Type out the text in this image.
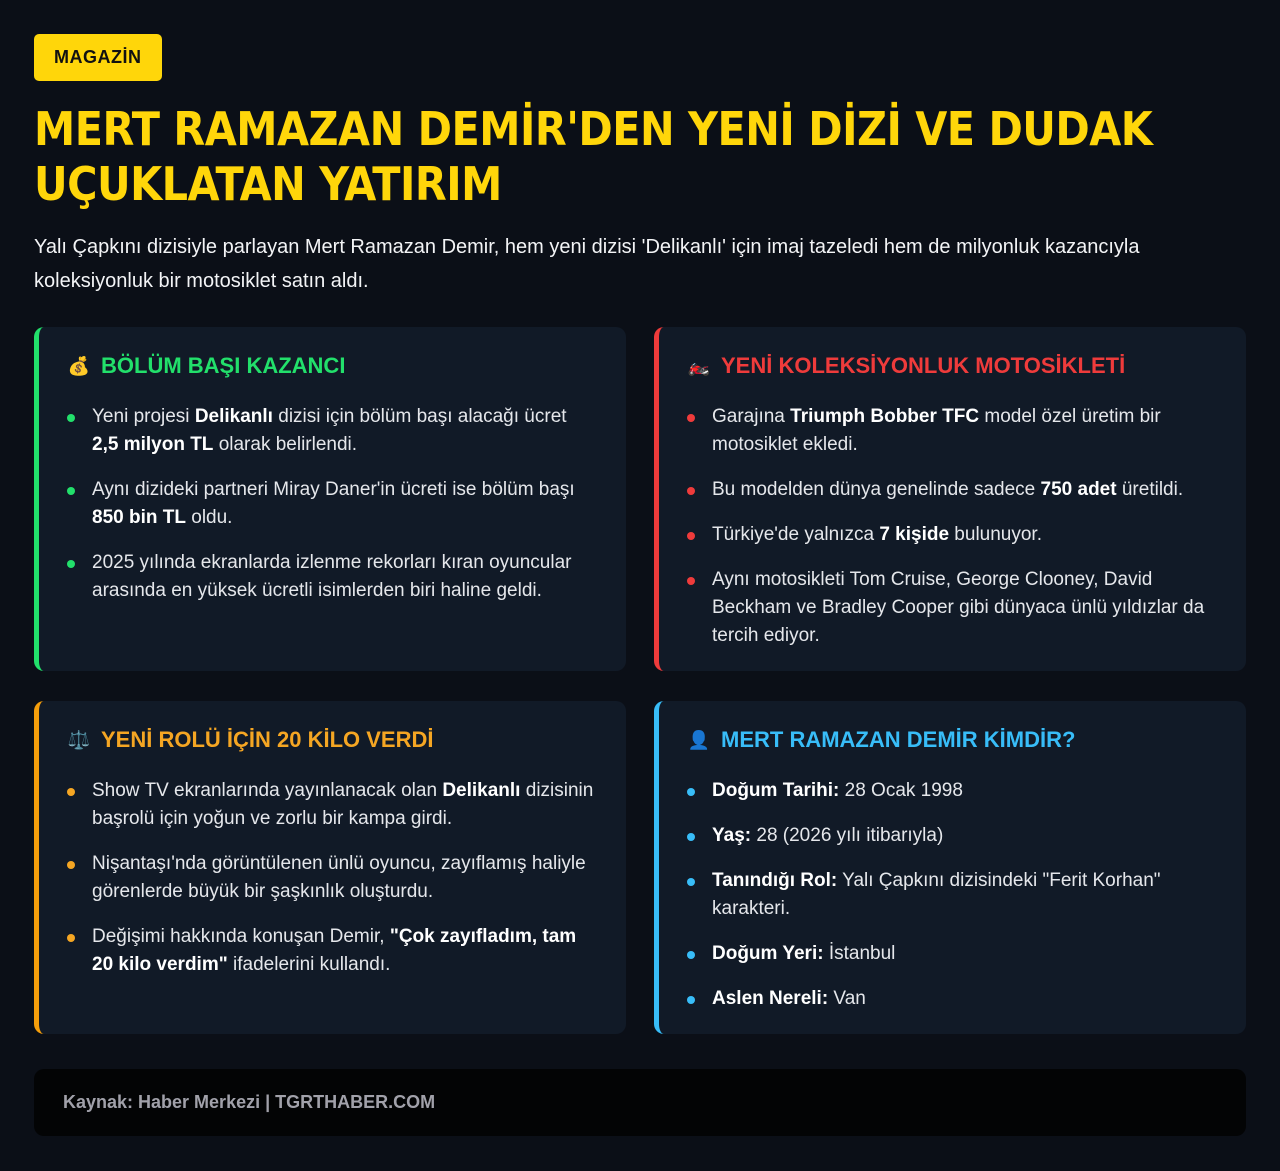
MAGAZİN
MERT RAMAZAN DEMİR'DEN YENİ DİZİ VE DUDAK UÇUKLATAN YATIRIM

Yalı Çapkını dizisiyle parlayan Mert Ramazan Demir, hem yeni dizisi 'Delikanlı' için imaj tazeledi hem de milyonluk kazancıyla koleksiyonluk bir motosiklet satın aldı.

💰 BÖLÜM BAŞI KAZANCI
Yeni projesi Delikanlı dizisi için bölüm başı alacağı ücret 2,5 milyon TL olarak belirlendi.
Aynı dizideki partneri Miray Daner'in ücreti ise bölüm başı 850 bin TL oldu.
2025 yılında ekranlarda izlenme rekorları kıran oyuncular arasında en yüksek ücretli isimlerden biri haline geldi.
🏍️ YENİ KOLEKSİYONLUK MOTOSİKLETİ
Garajına Triumph Bobber TFC model özel üretim bir motosiklet ekledi.
Bu modelden dünya genelinde sadece 750 adet üretildi.
Türkiye'de yalnızca 7 kişide bulunuyor.
Aynı motosikleti Tom Cruise, George Clooney, David Beckham ve Bradley Cooper gibi dünyaca ünlü yıldızlar da tercih ediyor.
⚖️ YENİ ROLÜ İÇİN 20 KİLO VERDİ
Show TV ekranlarında yayınlanacak olan Delikanlı dizisinin başrolü için yoğun ve zorlu bir kampa girdi.
Nişantaşı'nda görüntülenen ünlü oyuncu, zayıflamış haliyle görenlerde büyük bir şaşkınlık oluşturdu.
Değişimi hakkında konuşan Demir, "Çok zayıfladım, tam 20 kilo verdim" ifadelerini kullandı.
👤 MERT RAMAZAN DEMİR KİMDİR?
Doğum Tarihi: 28 Ocak 1998
Yaş: 28 (2026 yılı itibarıyla)
Tanındığı Rol: Yalı Çapkını dizisindeki "Ferit Korhan" karakteri.
Doğum Yeri: İstanbul
Aslen Nereli: Van
Kaynak: Haber Merkezi | TGRTHABER.COM
